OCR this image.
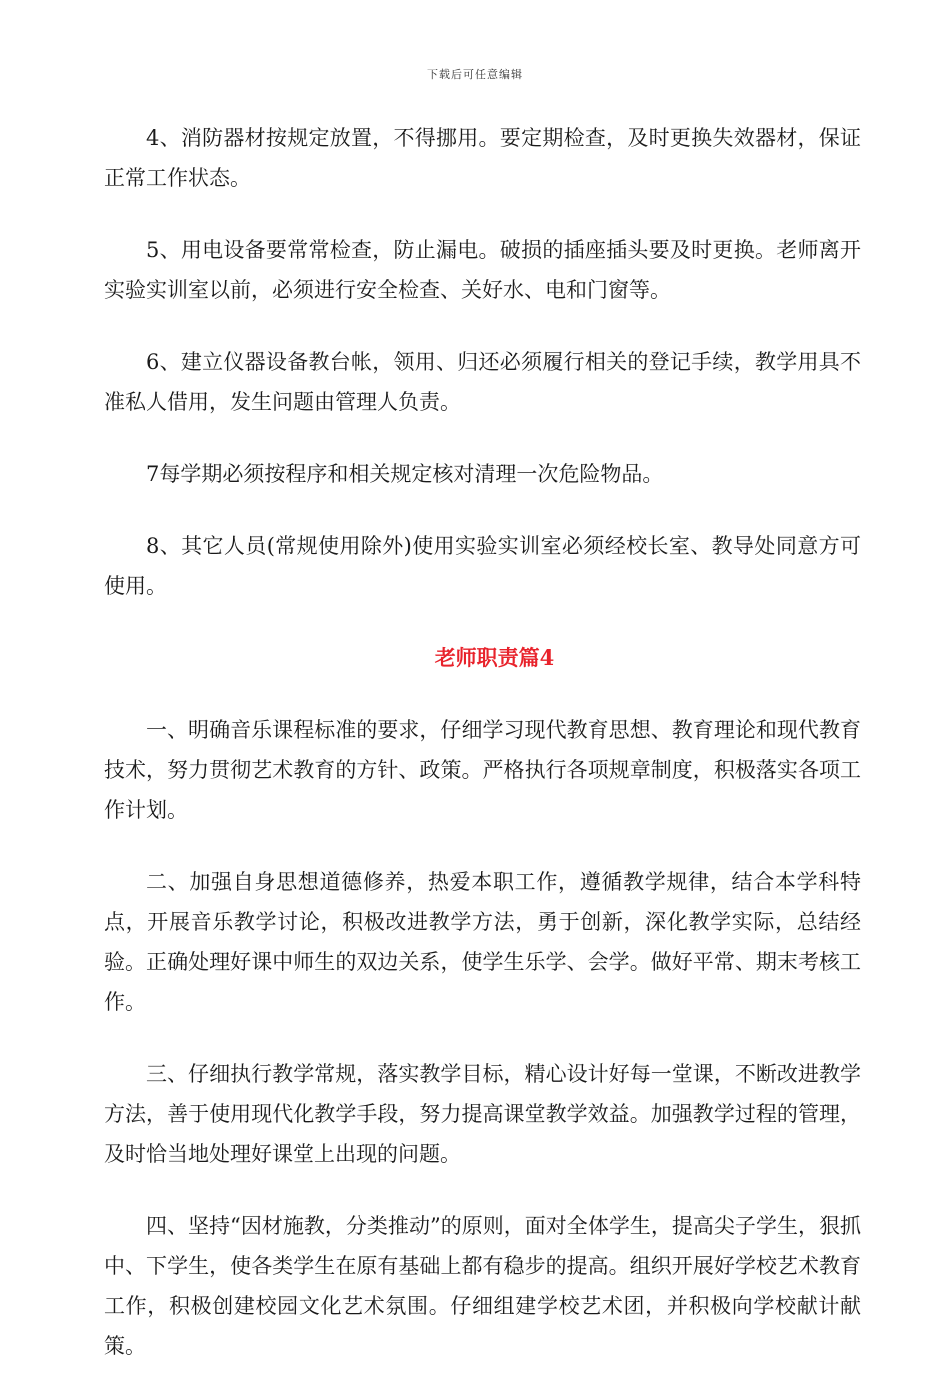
下载后可任意编辑

4、消防器材按规定放置，不得挪用。要定期检查，及时更换失效器材，保证正常工作状态。

5、用电设备要常常检查，防止漏电。破损的插座插头要及时更换。老师离开实验实训室以前，必须进行安全检查、关好水、电和门窗等。

6、建立仪器设备教台帐，领用、归还必须履行相关的登记手续，教学用具不准私人借用，发生问题由管理人负责。

7每学期必须按程序和相关规定核对清理一次危险物品。

8、其它人员(常规使用除外)使用实验实训室必须经校长室、教导处同意方可使用。

老师职责篇4

一、明确音乐课程标准的要求，仔细学习现代教育思想、教育理论和现代教育技术，努力贯彻艺术教育的方针、政策。严格执行各项规章制度，积极落实各项工作计划。

二、加强自身思想道德修养，热爱本职工作，遵循教学规律，结合本学科特点，开展音乐教学讨论，积极改进教学方法，勇于创新，深化教学实际，总结经验。正确处理好课中师生的双边关系，使学生乐学、会学。做好平常、期末考核工作。

三、仔细执行教学常规，落实教学目标，精心设计好每一堂课，不断改进教学方法，善于使用现代化教学手段，努力提高课堂教学效益。加强教学过程的管理，及时恰当地处理好课堂上出现的问题。

四、坚持“因材施教，分类推动”的原则，面对全体学生，提高尖子学生，狠抓中、下学生，使各类学生在原有基础上都有稳步的提高。组织开展好学校艺术教育工作，积极创建校园文化艺术氛围。仔细组建学校艺术团，并积极向学校献计献策。
